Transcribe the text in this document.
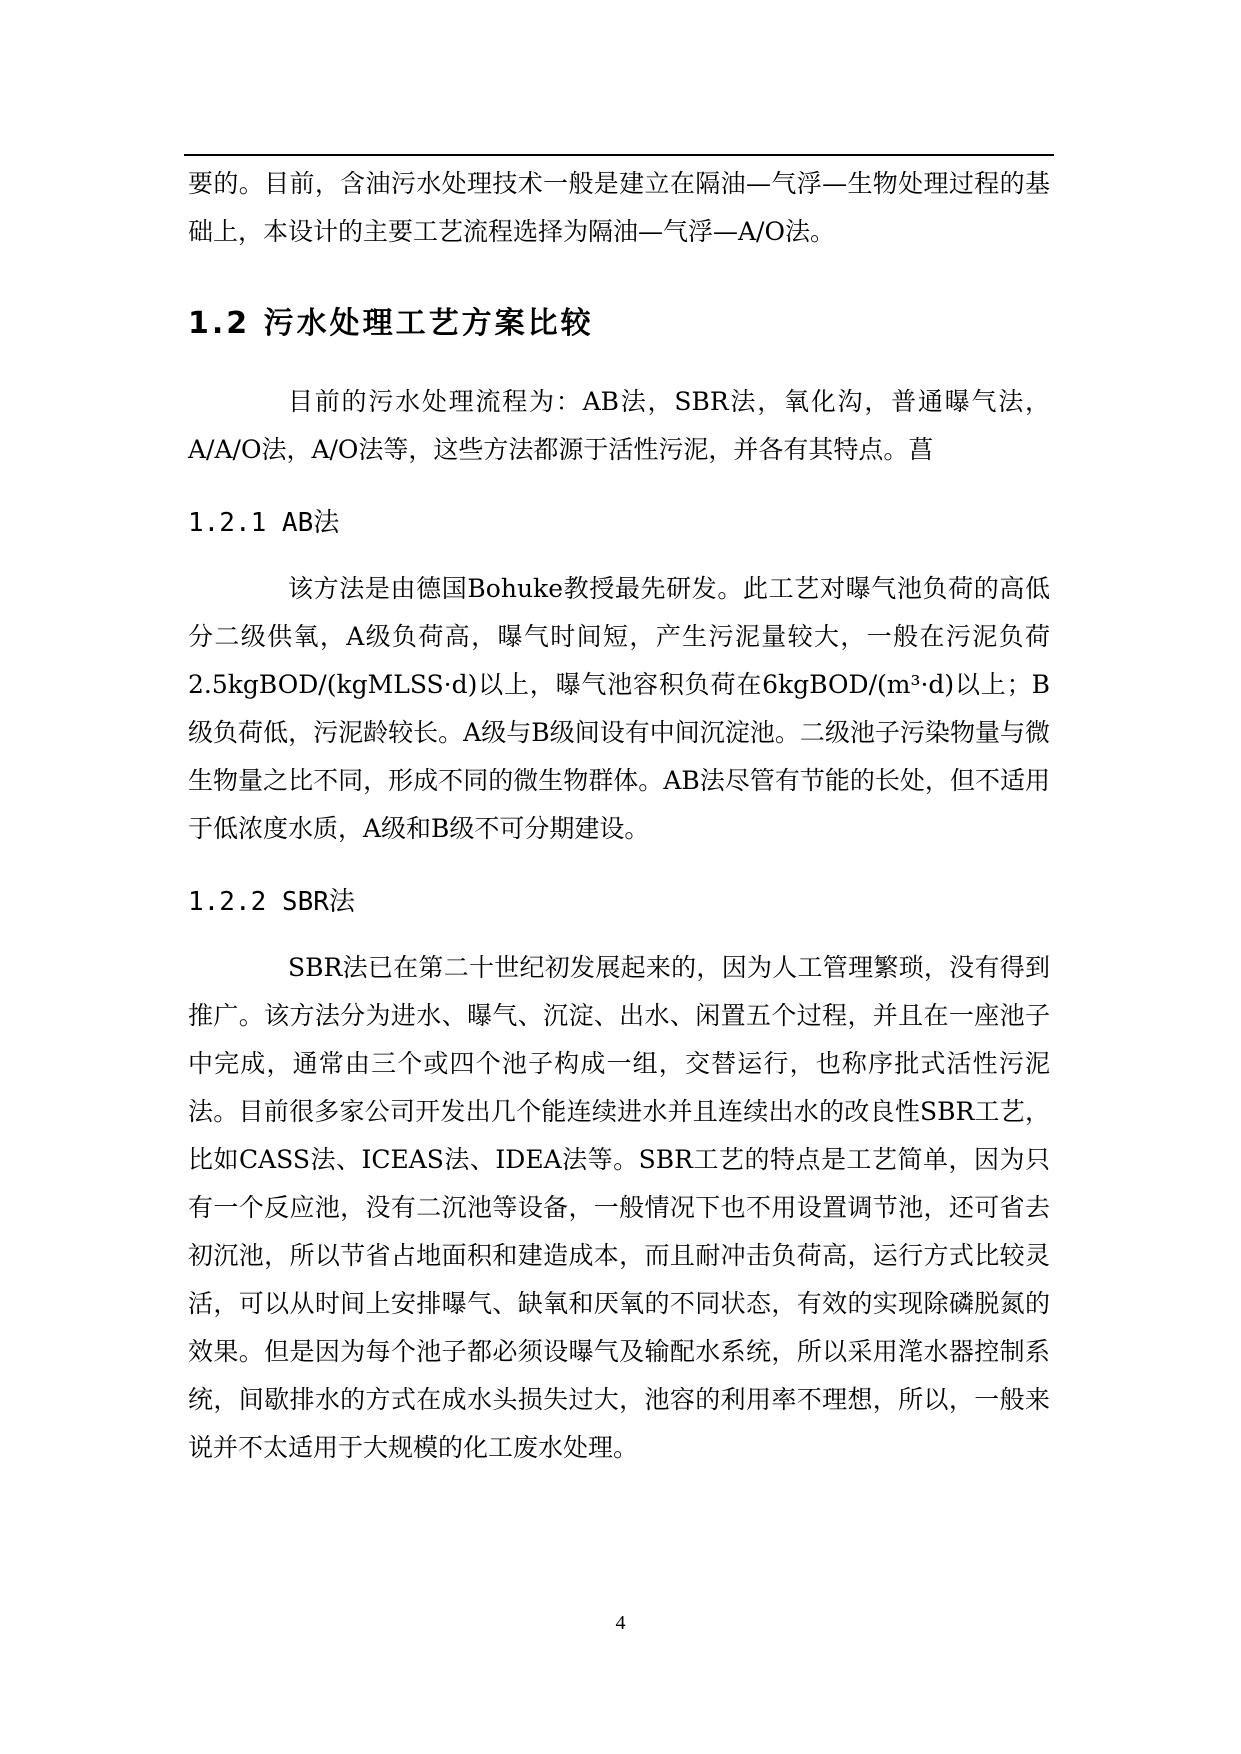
要的。目前，含油污水处理技术一般是建立在隔油—气浮—生物处理过程的基础上，本设计的主要工艺流程选择为隔油—气浮—A/O法。

1.2 污水处理工艺方案比较

目前的污水处理流程为：AB法，SBR法，氧化沟，普通曝气法，A/A/O法，A/O法等，这些方法都源于活性污泥，并各有其特点。菖

1.2.1 AB法

该方法是由德国Bohuke教授最先研发。此工艺对曝气池负荷的高低分二级供氧，A级负荷高，曝气时间短，产生污泥量较大，一般在污泥负荷2.5kgBOD/(kgMLSS·d)以上，曝气池容积负荷在6kgBOD/(m³·d)以上；B级负荷低，污泥龄较长。A级与B级间设有中间沉淀池。二级池子污染物量与微生物量之比不同，形成不同的微生物群体。AB法尽管有节能的长处，但不适用于低浓度水质，A级和B级不可分期建设。

1.2.2 SBR法

SBR法已在第二十世纪初发展起来的，因为人工管理繁琐，没有得到推广。该方法分为进水、曝气、沉淀、出水、闲置五个过程，并且在一座池子中完成，通常由三个或四个池子构成一组，交替运行，也称序批式活性污泥法。目前很多家公司开发出几个能连续进水并且连续出水的改良性SBR工艺，比如CASS法、ICEAS法、IDEA法等。SBR工艺的特点是工艺简单，因为只有一个反应池，没有二沉池等设备，一般情况下也不用设置调节池，还可省去初沉池，所以节省占地面积和建造成本，而且耐冲击负荷高，运行方式比较灵活，可以从时间上安排曝气、缺氧和厌氧的不同状态，有效的实现除磷脱氮的效果。但是因为每个池子都必须设曝气及输配水系统，所以采用滗水器控制系统，间歇排水的方式在成水头损失过大，池容的利用率不理想，所以，一般来说并不太适用于大规模的化工废水处理。

4
